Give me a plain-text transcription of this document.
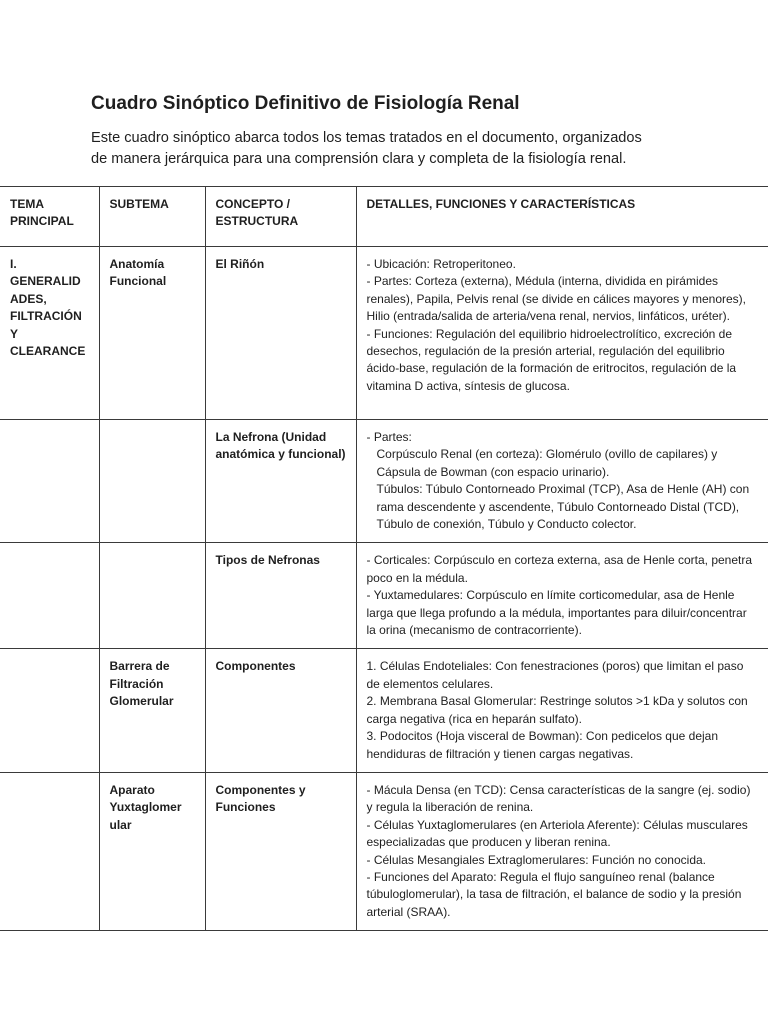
Cuadro Sinóptico Definitivo de Fisiología Renal

Este cuadro sinóptico abarca todos los temas tratados en el documento, organizados
de manera jerárquica para una comprensión clara y completa de la fisiología renal.

TEMA PRINCIPAL	SUBTEMA	CONCEPTO / ESTRUCTURA	DETALLES, FUNCIONES Y CARACTERÍSTICAS
I. GENERALID ADES, FILTRACIÓN Y CLEARANCE	Anatomía Funcional	El Riñón	- Ubicación: Retroperitoneo.
- Partes: Corteza (externa), Médula (interna, dividida en pirámides renales), Papila, Pelvis renal (se divide en cálices mayores y menores), Hilio (entrada/salida de arteria/vena renal, nervios, linfáticos, uréter).
- Funciones: Regulación del equilibrio hidroelectrolítico, excreción de desechos, regulación de la presión arterial, regulación del equilibrio ácido-base, regulación de la formación de eritrocitos, regulación de la vitamina D activa, síntesis de glucosa.

		La Nefrona (Unidad anatómica y funcional)	- Partes:
Corpúsculo Renal (en corteza): Glomérulo (ovillo de capilares) y Cápsula de Bowman (con espacio urinario).
Túbulos: Túbulo Contorneado Proximal (TCP), Asa de Henle (AH) con rama descendente y ascendente, Túbulo Contorneado Distal (TCD), Túbulo de conexión, Túbulo y Conducto colector.

		Tipos de Nefronas	- Corticales: Corpúsculo en corteza externa, asa de Henle corta, penetra poco en la médula.
- Yuxtamedulares: Corpúsculo en límite corticomedular, asa de Henle larga que llega profundo a la médula, importantes para diluir/concentrar la orina (mecanismo de contracorriente).

	Barrera de Filtración Glomerular	Componentes	1. Células Endoteliales: Con fenestraciones (poros) que limitan el paso de elementos celulares.
2. Membrana Basal Glomerular: Restringe solutos >1 kDa y solutos con carga negativa (rica en heparán sulfato).
3. Podocitos (Hoja visceral de Bowman): Con pedicelos que dejan hendiduras de filtración y tienen cargas negativas.

	Aparato Yuxtaglomer ular	Componentes y Funciones	- Mácula Densa (en TCD): Censa características de la sangre (ej. sodio) y regula la liberación de renina.
- Células Yuxtaglomerulares (en Arteriola Aferente): Células musculares especializadas que producen y liberan renina.
- Células Mesangiales Extraglomerulares: Función no conocida.
- Funciones del Aparato: Regula el flujo sanguíneo renal (balance túbuloglomerular), la tasa de filtración, el balance de sodio y la presión arterial (SRAA).
